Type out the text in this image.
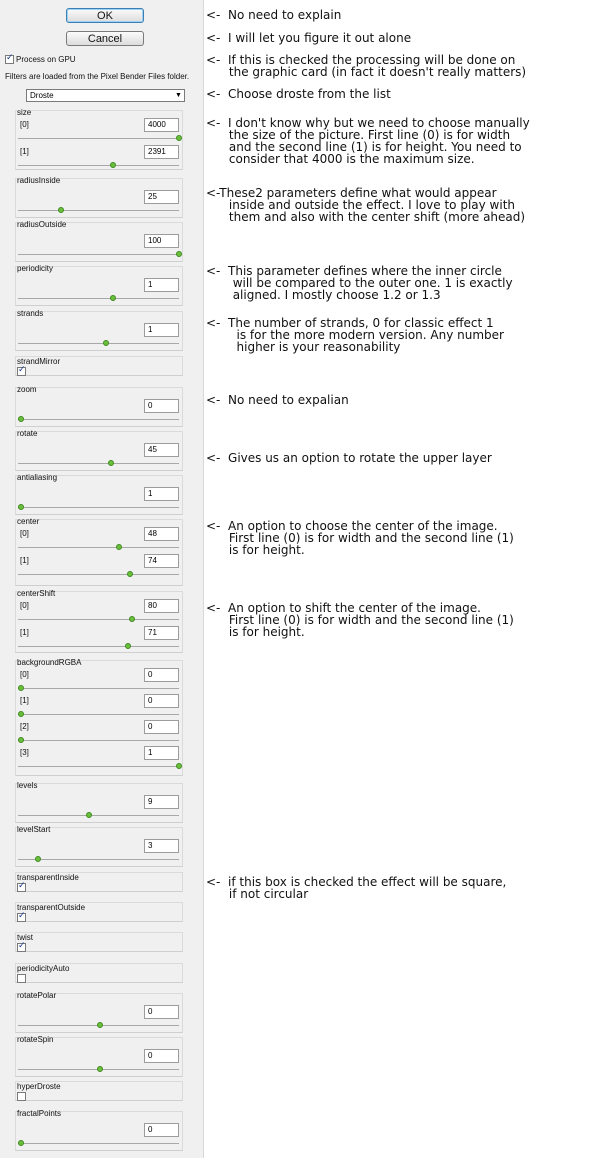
OK
Cancel
✓Process on GPU
Filters are loaded from the Pixel Bender Files folder.
Droste	▼
size
[0]	4000
[1]	2391
radiusInside
25
radiusOutside
100
periodicity
1
strands
1
strandMirror
✓
zoom
0
rotate
45
antialiasing
1
center
[0]	48
[1]	74
centerShift
[0]	80
[1]	71
backgroundRGBA
[0]	0
[1]	0
[2]	0
[3]	1
levels
9
levelStart
3
transparentInside
✓
transparentOutside
✓
twist
✓
periodicityAuto
rotatePolar
0
rotateSpin
0
hyperDroste
fractalPoints
0
<-  No need to explain
<-  I will let you figure it out alone
<-  If this is checked the processing will be done on
the graphic card (in fact it doesn't really matters)
<-  Choose droste from the list
<-  I don't know why but we need to choose manually
the size of the picture. First line (0) is for width
and the second line (1) is for height. You need to
consider that 4000 is the maximum size.
<-These2 parameters define what would appear
inside and outside the effect. I love to play with
them and also with the center shift (more ahead)
<-  This parameter defines where the inner circle
will be compared to the outer one. 1 is exactly
aligned. I mostly choose 1.2 or 1.3
<-  The number of strands, 0 for classic effect 1
is for the more modern version. Any number
higher is your reasonability
<-  No need to expalian
<-  Gives us an option to rotate the upper layer
<-  An option to choose the center of the image.
First line (0) is for width and the second line (1)
is for height.
<-  An option to shift the center of the image.
First line (0) is for width and the second line (1)
is for height.
<-  if this box is checked the effect will be square,
if not circular
